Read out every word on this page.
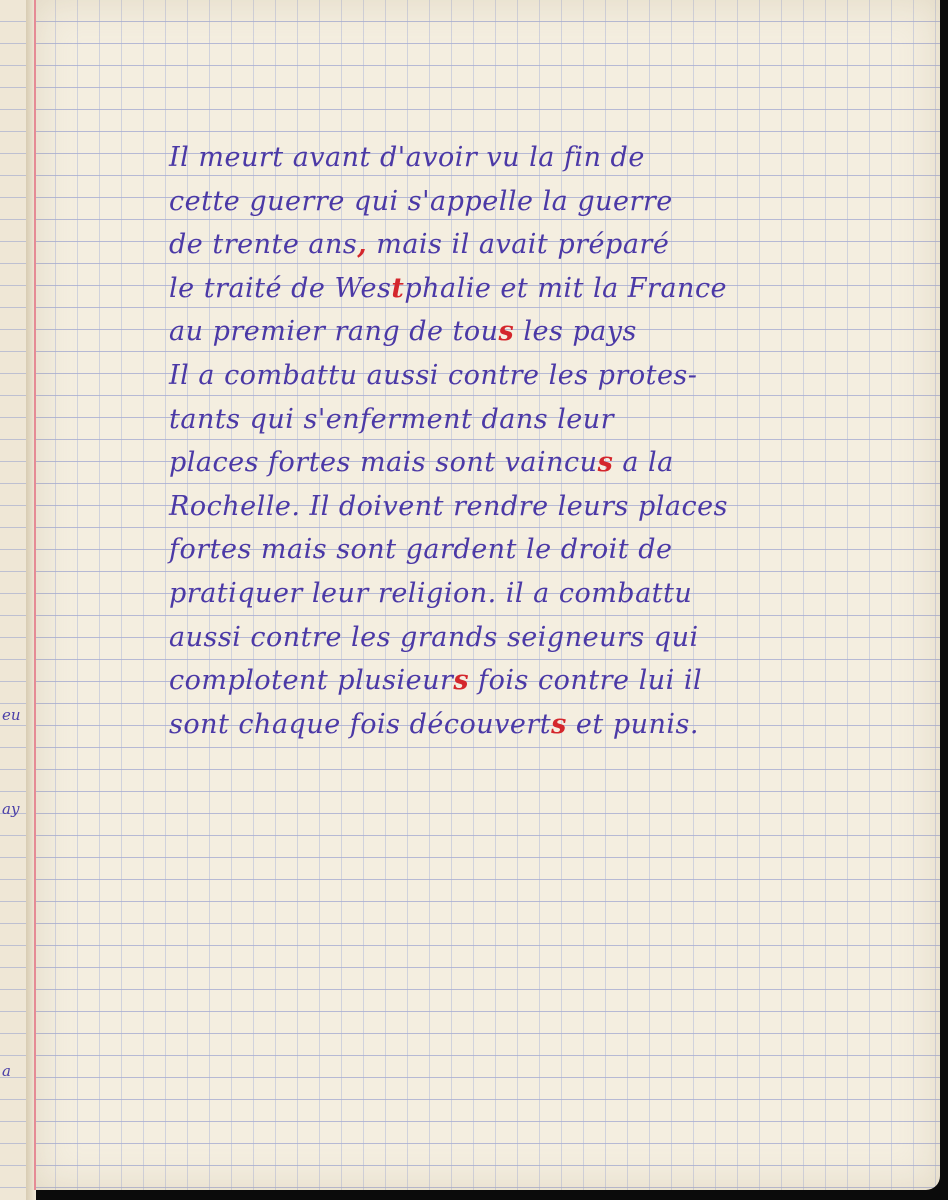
eu
ay
a
Il meurt avant d'avoir vu la fin de
cette guerre qui s'appelle la guerre
de trente ans, mais il avait préparé
le traité de Westphalie et mit la France
au premier rang de tous les pays
Il a combattu aussi contre les protes-
tants qui s'enferment dans leur
places fortes mais sont vaincus a la
Rochelle. Il doivent rendre leurs places
fortes mais sont gardent le droit de
pratiquer leur religion. il a combattu
aussi contre les grands seigneurs qui
complotent plusieurs fois contre lui il
sont chaque fois découverts et punis.
